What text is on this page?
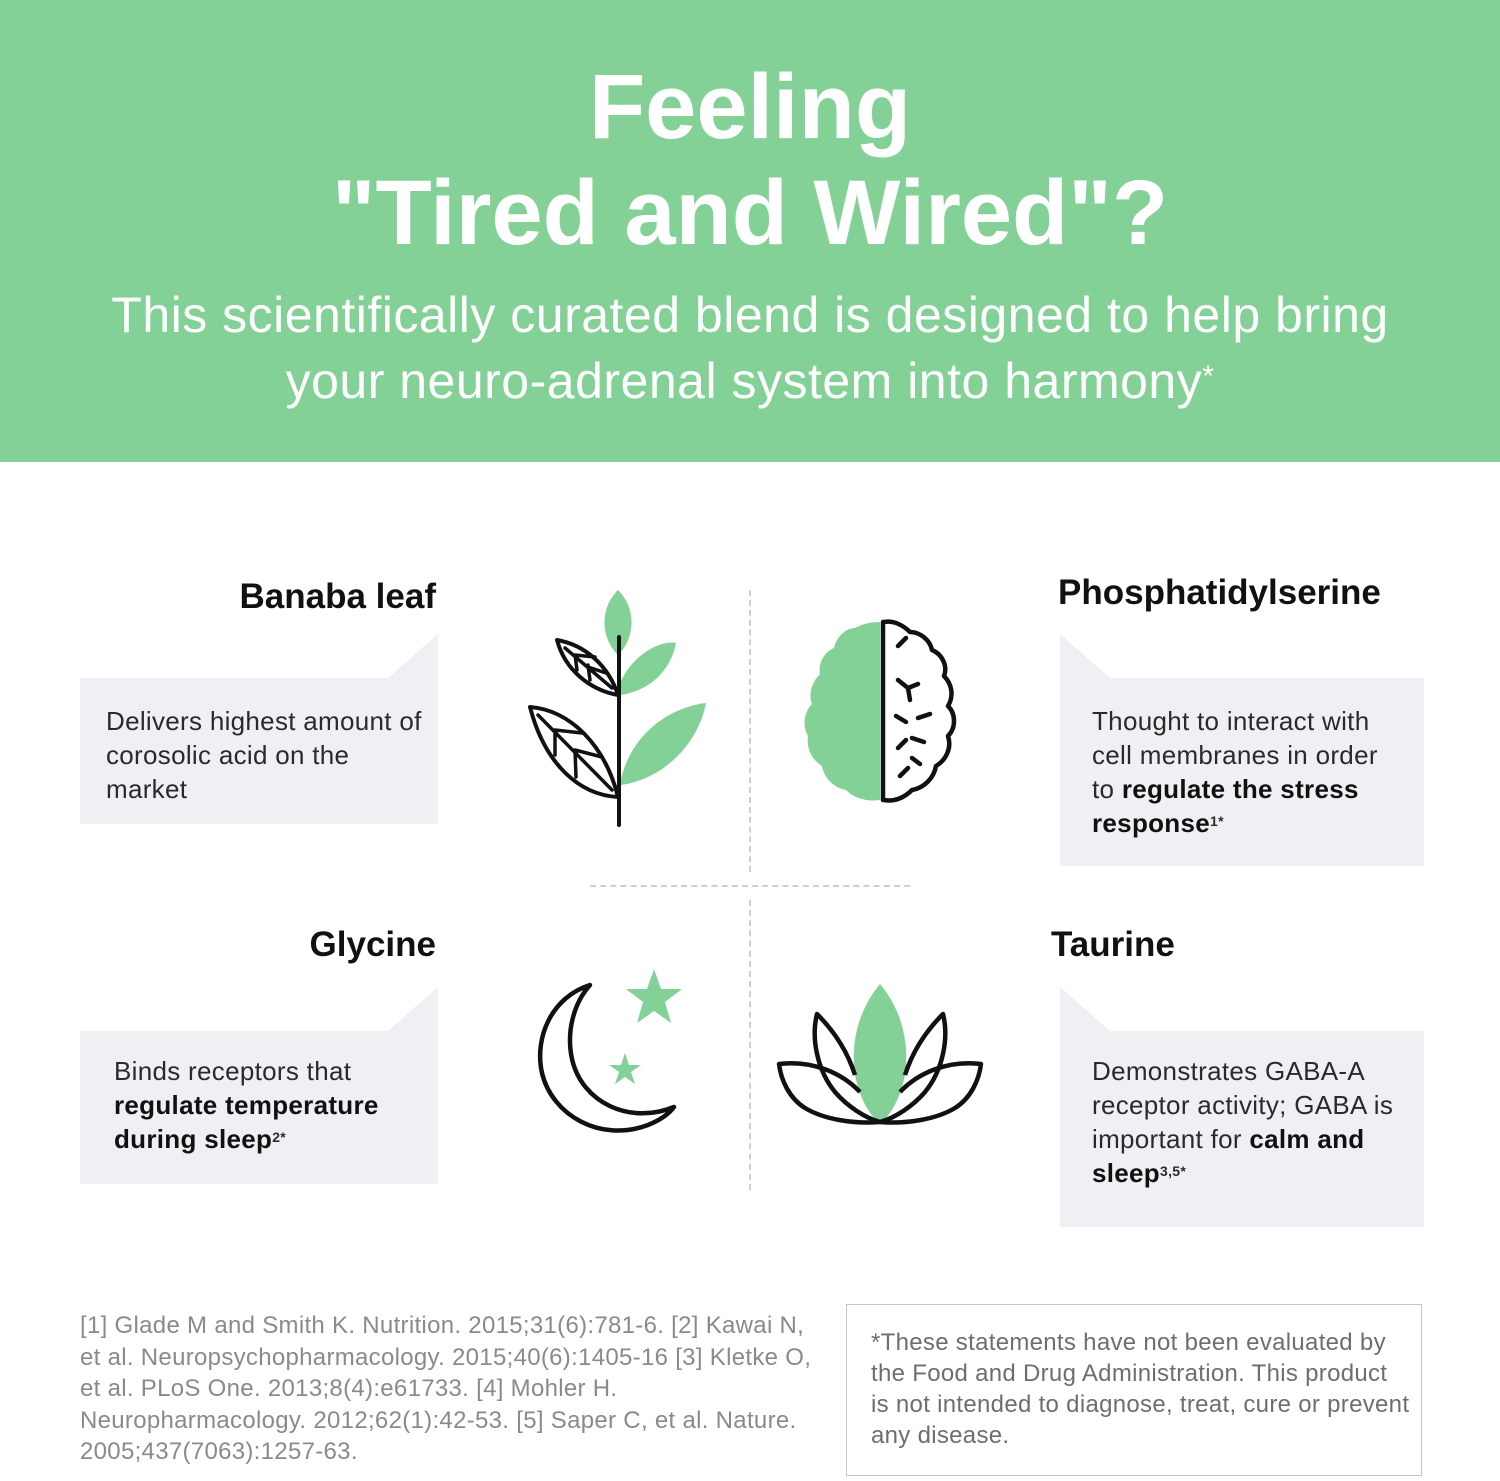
Feeling
"Tired and Wired"?
This scientifically curated blend is designed to help bring your neuro-adrenal system into harmony*
Banaba leaf
Delivers highest amount of corosolic acid on the market
Phosphatidylserine
Thought to interact with cell membranes in order to regulate the stress response$^{1*}$
Glycine
Binds receptors that regulate temperature during sleep$^{2*}$
Taurine
Demonstrates GABA-A receptor activity; GABA is important for calm and sleep$^{3,5*}$
[1] Glade M and Smith K. Nutrition. 2015;31(6):781-6. [2] Kawai N, et al. Neuropsychopharmacology. 2015;40(6):1405-16 [3] Kletke O, et al. PLoS One. 2013;8(4):e61733. [4] Mohler H. Neuropharmacology. 2012;62(1):42-53. [5] Saper C, et al. Nature. 2005;437(7063):1257-63.
*These statements have not been evaluated by the Food and Drug Administration. This product is not intended to diagnose, treat, cure or prevent any disease.
